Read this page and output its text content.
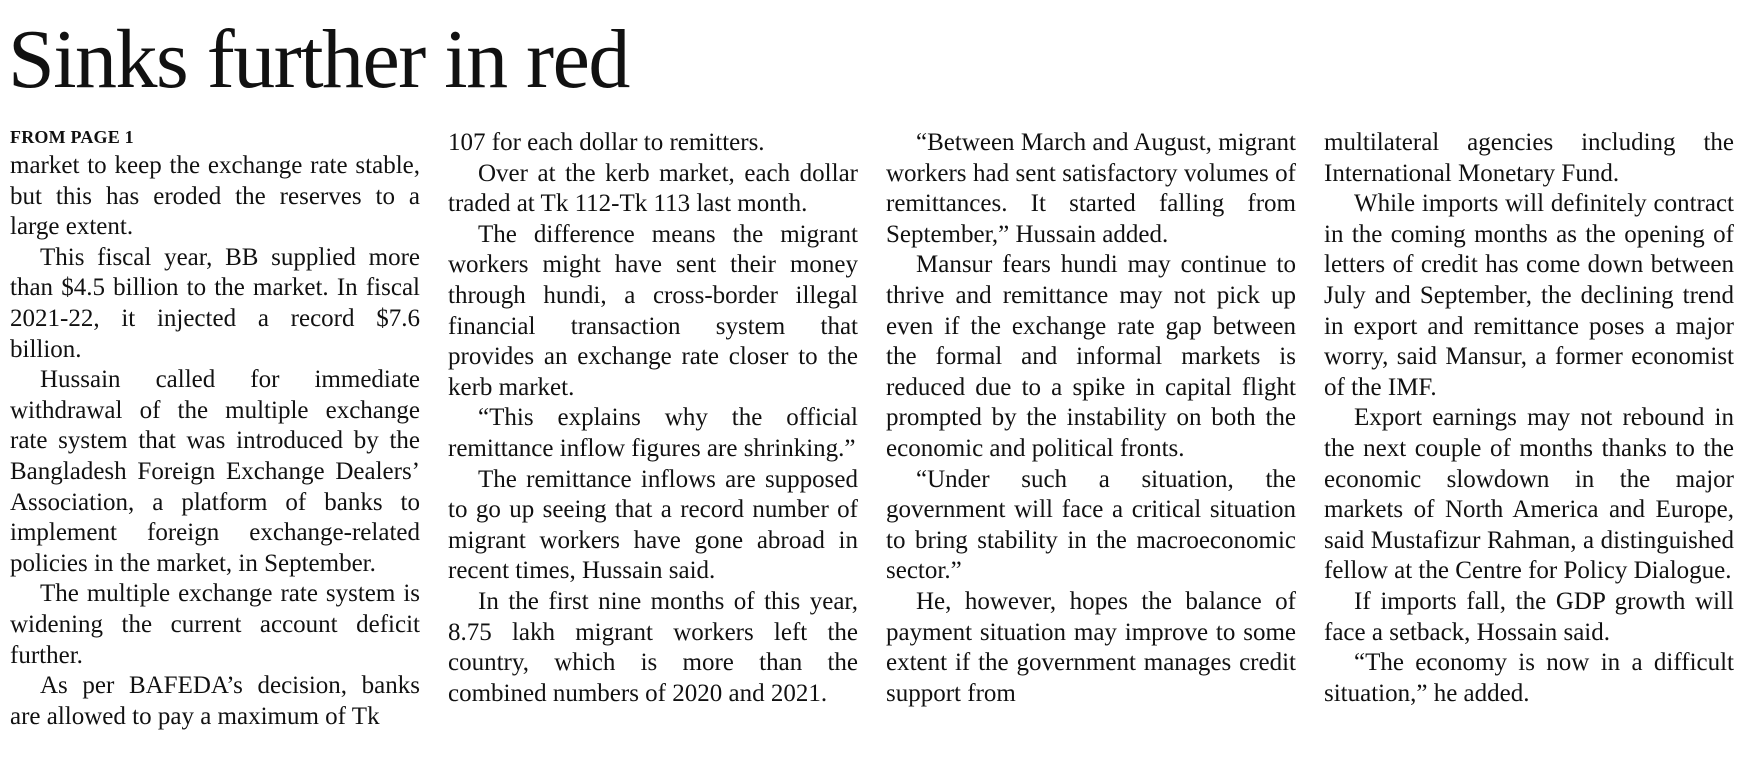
Sinks further in red
FROM PAGE 1

market to keep the exchange rate stable, but this has eroded the reserves to a large extent.

This fiscal year, BB supplied more than $4.5 billion to the market. In fiscal 2021-22, it injected a record $7.6 billion.

Hussain called for immediate withdrawal of the multiple exchange rate system that was introduced by the Bangladesh Foreign Exchange Dealers’ Association, a platform of banks to implement foreign exchange-related policies in the market, in September.

The multiple exchange rate system is widening the current account deficit further.

As per BAFEDA’s decision, banks are allowed to pay a maximum of Tk

107 for each dollar to remitters.

Over at the kerb market, each dollar traded at Tk 112-Tk 113 last month.

The difference means the migrant workers might have sent their money through hundi, a cross-border illegal financial transaction system that provides an exchange rate closer to the kerb market.

“This explains why the official remittance inflow figures are shrinking.”

The remittance inflows are supposed to go up seeing that a record number of migrant workers have gone abroad in recent times, Hussain said.

In the first nine months of this year, 8.75 lakh migrant workers left the country, which is more than the combined numbers of 2020 and 2021.

“Between March and August, migrant workers had sent satisfactory volumes of remittances. It started falling from September,” Hussain added.

Mansur fears hundi may continue to thrive and remittance may not pick up even if the exchange rate gap between the formal and informal markets is reduced due to a spike in capital flight prompted by the instability on both the economic and political fronts.

“Under such a situation, the government will face a critical situation to bring stability in the macroeconomic sector.”

He, however, hopes the balance of payment situation may improve to some extent if the government manages credit support from

multilateral agencies including the International Monetary Fund.

While imports will definitely contract in the coming months as the opening of letters of credit has come down between July and September, the declining trend in export and remittance poses a major worry, said Mansur, a former economist of the IMF.

Export earnings may not rebound in the next couple of months thanks to the economic slowdown in the major markets of North America and Europe, said Mustafizur Rahman, a distinguished fellow at the Centre for Policy Dialogue.

If imports fall, the GDP growth will face a setback, Hossain said.

“The economy is now in a difficult situation,” he added.
